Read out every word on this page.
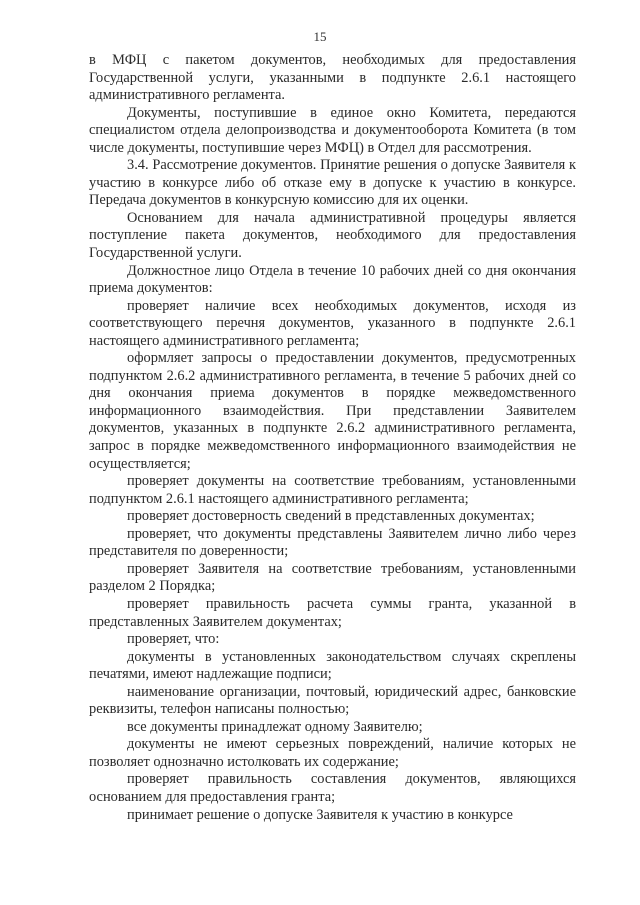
15

в МФЦ с пакетом документов, необходимых для предоставления Государственной услуги, указанными в подпункте 2.6.1 настоящего административного регламента.

Документы, поступившие в единое окно Комитета, передаются специалистом отдела делопроизводства и документооборота Комитета (в том числе документы, поступившие через МФЦ) в Отдел для рассмотрения.

3.4. Рассмотрение документов. Принятие решения о допуске Заявителя к участию в конкурсе либо об отказе ему в допуске к участию в конкурсе. Передача документов в конкурсную комиссию для их оценки.

Основанием для начала административной процедуры является поступление пакета документов, необходимого для предоставления Государственной услуги.

Должностное лицо Отдела в течение 10 рабочих дней со дня окончания приема документов:

проверяет наличие всех необходимых документов, исходя из соответствующего перечня документов, указанного в подпункте 2.6.1 настоящего административного регламента;

оформляет запросы о предоставлении документов, предусмотренных подпунктом 2.6.2 административного регламента, в течение 5 рабочих дней со дня окончания приема документов в порядке межведомственного информационного взаимодействия. При представлении Заявителем документов, указанных в подпункте 2.6.2 административного регламента, запрос в порядке межведомственного информационного взаимодействия не осуществляется;

проверяет документы на соответствие требованиям, установленными подпунктом 2.6.1 настоящего административного регламента;

проверяет достоверность сведений в представленных документах;

проверяет, что документы представлены Заявителем лично либо через представителя по доверенности;

проверяет Заявителя на соответствие требованиям, установленными разделом 2 Порядка;

проверяет правильность расчета суммы гранта, указанной в представленных Заявителем документах;

проверяет, что:

документы в установленных законодательством случаях скреплены печатями, имеют надлежащие подписи;

наименование организации, почтовый, юридический адрес, банковские реквизиты, телефон написаны полностью;

все документы принадлежат одному Заявителю;

документы не имеют серьезных повреждений, наличие которых не позволяет однозначно истолковать их содержание;

проверяет правильность составления документов, являющихся основанием для предоставления гранта;

принимает решение о допуске Заявителя к участию в конкурсе
